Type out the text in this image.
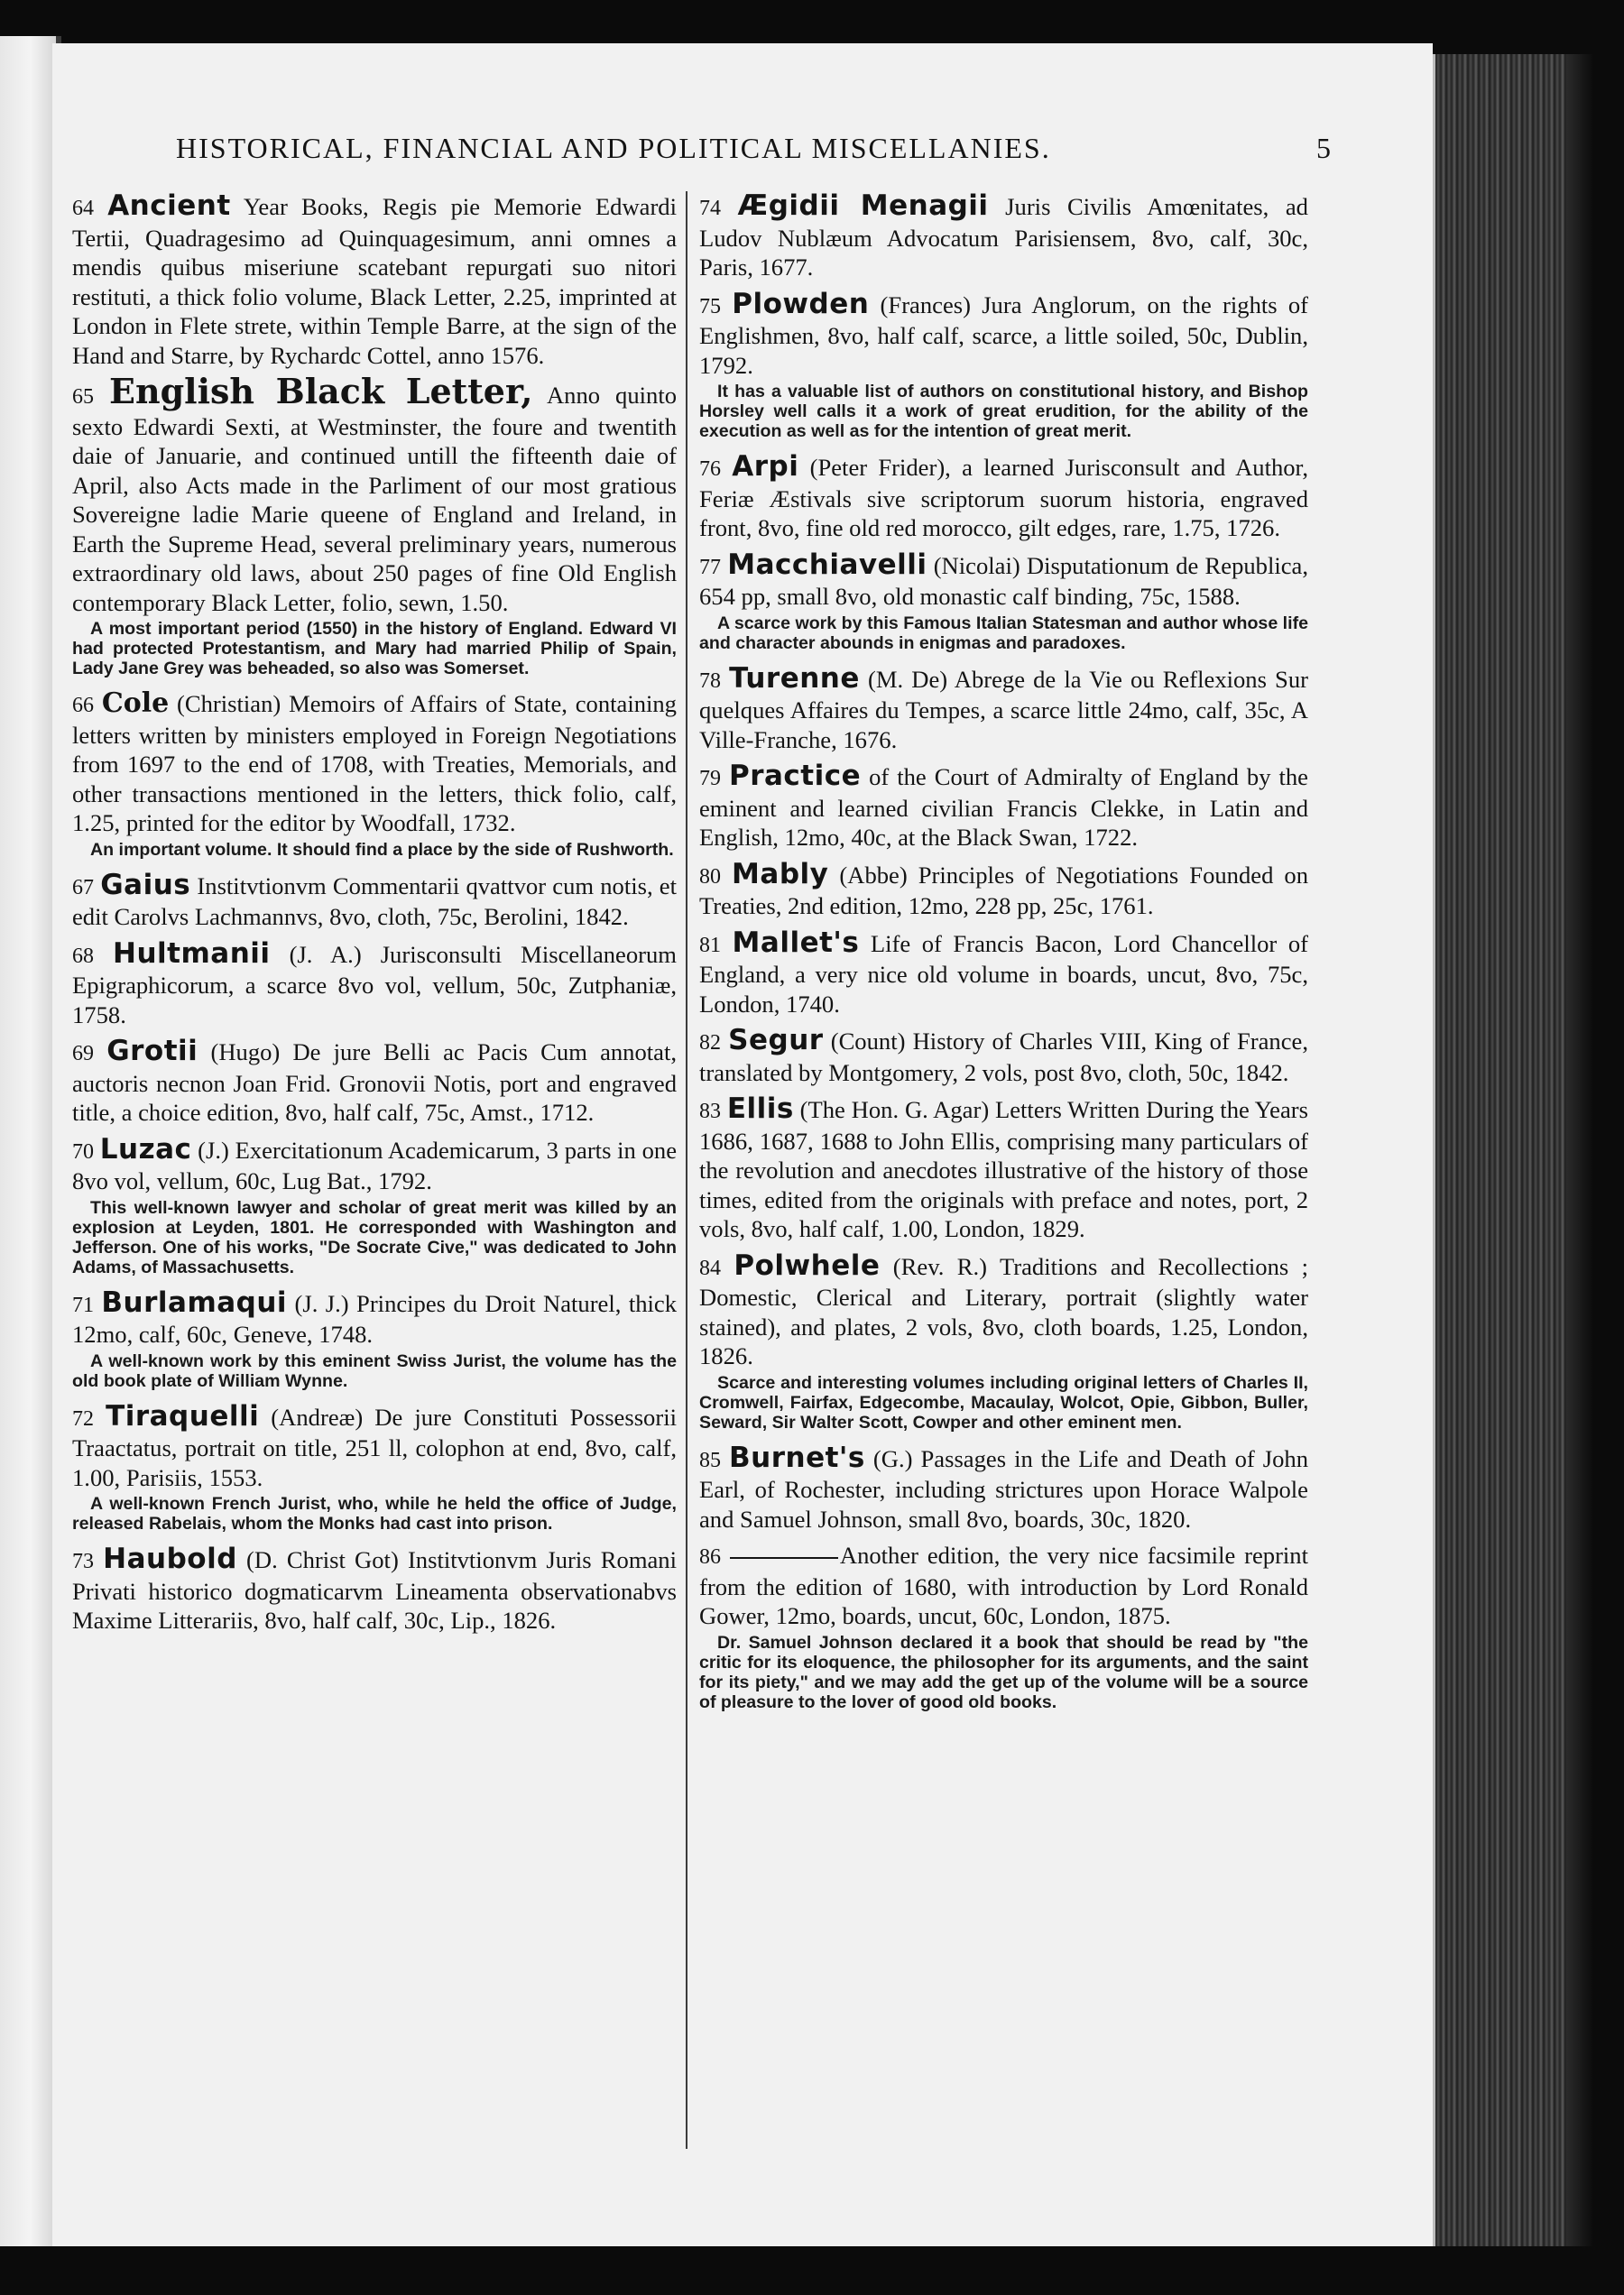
HISTORICAL, FINANCIAL AND POLITICAL MISCELLANIES.	5
64 Ancient Year Books, Regis pie Memorie Edwardi Tertii, Quadragesimo ad Quinquagesimum, anni omnes a mendis quibus miseriune scatebant repurgati suo nitori restituti, a thick folio volume, Black Letter, 2.25, imprinted at London in Flete strete, within Temple Barre, at the sign of the Hand and Starre, by Rychardc Cottel, anno 1576.
65 English Black Letter, Anno quinto sexto Edwardi Sexti, at Westminster, the foure and twentith daie of Januarie, and continued untill the fifteenth daie of April, also Acts made in the Parliment of our most gratious Sovereigne ladie Marie queene of England and Ireland, in Earth the Supreme Head, several preliminary years, numerous extraordinary old laws, about 250 pages of fine Old English contemporary Black Letter, folio, sewn, 1.50.
A most important period (1550) in the history of England. Edward VI had protected Protestantism, and Mary had married Philip of Spain, Lady Jane Grey was beheaded, so also was Somerset.
66 Cole (Christian) Memoirs of Affairs of State, containing letters written by ministers employed in Foreign Negotiations from 1697 to the end of 1708, with Treaties, Memorials, and other transactions mentioned in the letters, thick folio, calf, 1.25, printed for the editor by Woodfall, 1732.
An important volume. It should find a place by the side of Rushworth.
67 Gaius Institvtionvm Commentarii qvattvor cum notis, et edit Carolvs Lachmannvs, 8vo, cloth, 75c, Berolini, 1842.
68 Hultmanii (J. A.) Jurisconsulti Miscellaneorum Epigraphicorum, a scarce 8vo vol, vellum, 50c, Zutphaniæ, 1758.
69 Grotii (Hugo) De jure Belli ac Pacis Cum annotat, auctoris necnon Joan Frid. Gronovii Notis, port and engraved title, a choice edition, 8vo, half calf, 75c, Amst., 1712.
70 Luzac (J.) Exercitationum Academicarum, 3 parts in one 8vo vol, vellum, 60c, Lug Bat., 1792.
This well-known lawyer and scholar of great merit was killed by an explosion at Leyden, 1801. He corresponded with Washington and Jefferson. One of his works, "De Socrate Cive," was dedicated to John Adams, of Massachusetts.
71 Burlamaqui (J. J.) Principes du Droit Naturel, thick 12mo, calf, 60c, Geneve, 1748.
A well-known work by this eminent Swiss Jurist, the volume has the old book plate of William Wynne.
72 Tiraquelli (Andreæ) De jure Constituti Possessorii Traactatus, portrait on title, 251 ll, colophon at end, 8vo, calf, 1.00, Parisiis, 1553.
A well-known French Jurist, who, while he held the office of Judge, released Rabelais, whom the Monks had cast into prison.
73 Haubold (D. Christ Got) Institvtionvm Juris Romani Privati historico dogmaticarvm Lineamenta observationabvs Maxime Litterariis, 8vo, half calf, 30c, Lip., 1826.
74 Ægidii Menagii Juris Civilis Amœnitates, ad Ludov Nublæum Advocatum Parisiensem, 8vo, calf, 30c, Paris, 1677.
75 Plowden (Frances) Jura Anglorum, on the rights of Englishmen, 8vo, half calf, scarce, a little soiled, 50c, Dublin, 1792.
It has a valuable list of authors on constitutional history, and Bishop Horsley well calls it a work of great erudition, for the ability of the execution as well as for the intention of great merit.
76 Arpi (Peter Frider), a learned Jurisconsult and Author, Feriæ Æstivals sive scriptorum suorum historia, engraved front, 8vo, fine old red morocco, gilt edges, rare, 1.75, 1726.
77 Macchiavelli (Nicolai) Disputationum de Republica, 654 pp, small 8vo, old monastic calf binding, 75c, 1588.
A scarce work by this Famous Italian Statesman and author whose life and character abounds in enigmas and paradoxes.
78 Turenne (M. De) Abrege de la Vie ou Reflexions Sur quelques Affaires du Tempes, a scarce little 24mo, calf, 35c, A Ville-Franche, 1676.
79 Practice of the Court of Admiralty of England by the eminent and learned civilian Francis Clekke, in Latin and English, 12mo, 40c, at the Black Swan, 1722.
80 Mably (Abbe) Principles of Negotiations Founded on Treaties, 2nd edition, 12mo, 228 pp, 25c, 1761.
81 Mallet's Life of Francis Bacon, Lord Chancellor of England, a very nice old volume in boards, uncut, 8vo, 75c, London, 1740.
82 Segur (Count) History of Charles VIII, King of France, translated by Montgomery, 2 vols, post 8vo, cloth, 50c, 1842.
83 Ellis (The Hon. G. Agar) Letters Written During the Years 1686, 1687, 1688 to John Ellis, comprising many particulars of the revolution and anecdotes illustrative of the history of those times, edited from the originals with preface and notes, port, 2 vols, 8vo, half calf, 1.00, London, 1829.
84 Polwhele (Rev. R.) Traditions and Recollections ; Domestic, Clerical and Literary, portrait (slightly water stained), and plates, 2 vols, 8vo, cloth boards, 1.25, London, 1826.
Scarce and interesting volumes including original letters of Charles II, Cromwell, Fairfax, Edgecombe, Macaulay, Wolcot, Opie, Gibbon, Buller, Seward, Sir Walter Scott, Cowper and other eminent men.
85 Burnet's (G.) Passages in the Life and Death of John Earl, of Rochester, including strictures upon Horace Walpole and Samuel Johnson, small 8vo, boards, 30c, 1820.
86	Another edition, the very nice facsimile reprint from the edition of 1680, with introduction by Lord Ronald Gower, 12mo, boards, uncut, 60c, London, 1875.
Dr. Samuel Johnson declared it a book that should be read by "the critic for its eloquence, the philosopher for its arguments, and the saint for its piety," and we may add the get up of the volume will be a source of pleasure to the lover of good old books.
